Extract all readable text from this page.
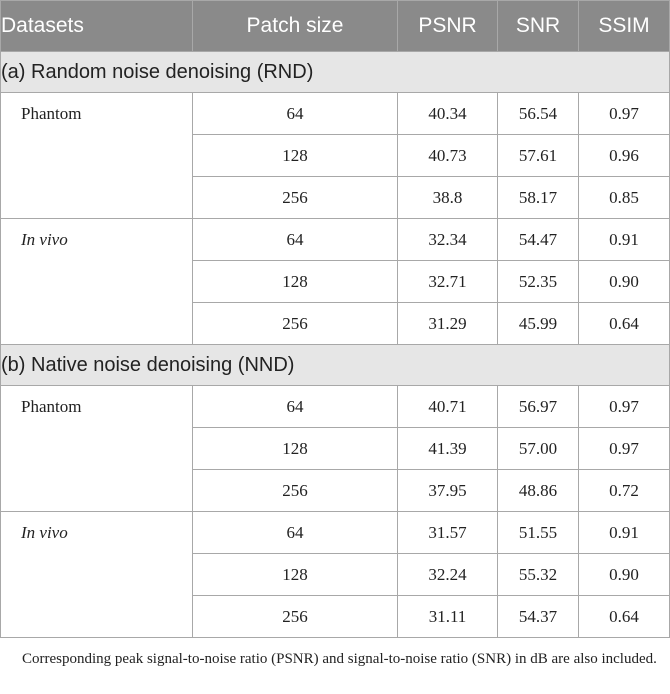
Datasets	Patch size	PSNR	SNR	SSIM
(a) Random noise denoising (RND)				
Phantom	64	40.34	56.54	0.97
	128	40.73	57.61	0.96
	256	38.8	58.17	0.85
In vivo	64	32.34	54.47	0.91
	128	32.71	52.35	0.90
	256	31.29	45.99	0.64
(b) Native noise denoising (NND)				
Phantom	64	40.71	56.97	0.97
	128	41.39	57.00	0.97
	256	37.95	48.86	0.72
In vivo	64	31.57	51.55	0.91
	128	32.24	55.32	0.90
	256	31.11	54.37	0.64
Corresponding peak signal-to-noise ratio (PSNR) and signal-to-noise ratio (SNR) in dB are also included.
